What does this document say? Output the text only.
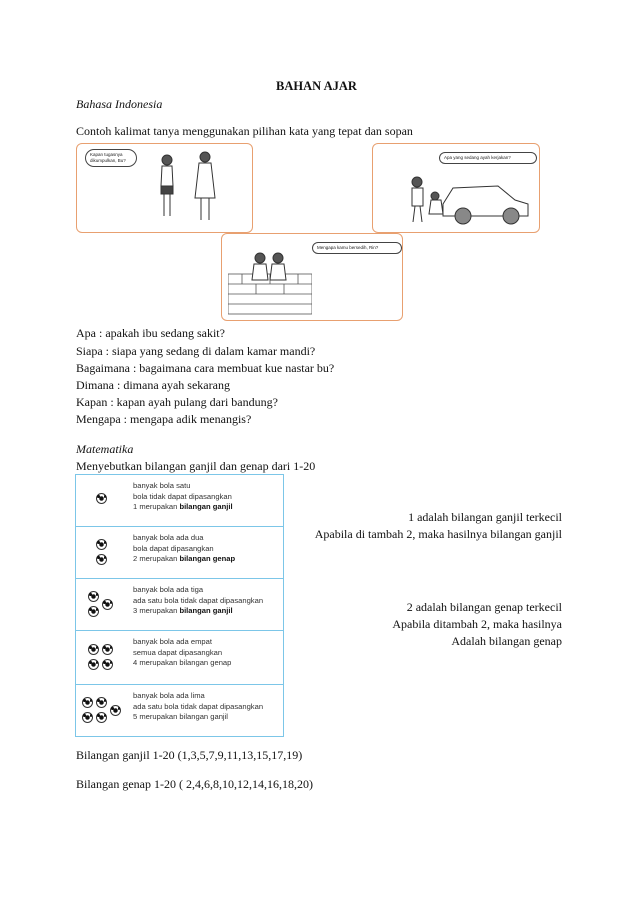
BAHAN AJAR
Bahasa Indonesia
Contoh kalimat tanya menggunakan pilihan kata yang tepat dan sopan
Kapan tugasnya dikumpulkan, Bu?
Apa yang sedang ayah kerjakan?
Mengapa kamu bersedih, Rin?
Apa : apakah ibu sedang sakit?
Siapa : siapa yang sedang di dalam kamar mandi?
Bagaimana : bagaimana cara membuat kue nastar bu?
Dimana : dimana ayah sekarang
Kapan : kapan ayah pulang dari bandung?
Mengapa : mengapa adik menangis?
Matematika
Menyebutkan bilangan ganjil dan genap dari 1-20
banyak bola satu
bola tidak dapat dipasangkan
1 merupakan bilangan ganjil
banyak bola ada dua
bola dapat dipasangkan
2 merupakan bilangan genap
banyak bola ada tiga
ada satu bola tidak dapat dipasangkan
3 merupakan bilangan ganjil
banyak bola ada empat
semua dapat dipasangkan
4 merupakan bilangan genap
banyak bola ada lima
ada satu bola tidak dapat dipasangkan
5 merupakan bilangan ganjil
1 adalah bilangan ganjil terkecil
Apabila di tambah 2, maka hasilnya bilangan ganjil
2 adalah bilangan genap terkecil
Apabila ditambah 2, maka hasilnya
Adalah bilangan genap
Bilangan ganjil 1-20 (1,3,5,7,9,11,13,15,17,19)
Bilangan genap 1-20 ( 2,4,6,8,10,12,14,16,18,20)
